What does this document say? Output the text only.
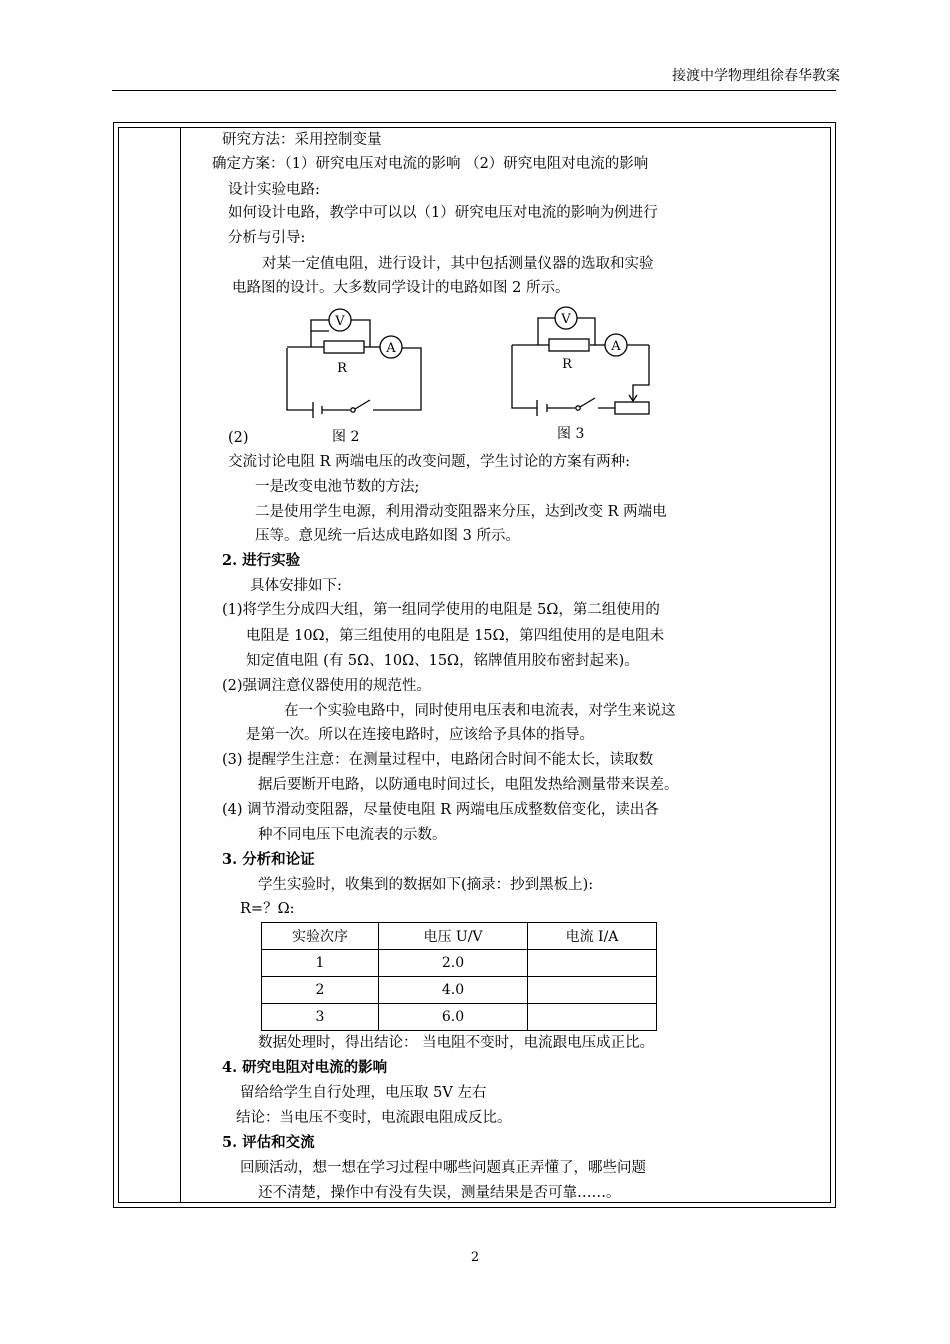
接渡中学物理组徐春华教案
研究方法：采用控制变量
确定方案：（1）研究电压对电流的影响 （2）研究电阻对电流的影响
设计实验电路:
如何设计电路，教学中可以以（1）研究电压对电流的影响为例进行
分析与引导:
对某一定值电阻，进行设计，其中包括测量仪器的选取和实验
电路图的设计。大多数同学设计的电路如图 2 所示。
V
A
R
图 2
V
A
R
图 3
(2)
交流讨论电阻 R 两端电压的改变问题，学生讨论的方案有两种:
一是改变电池节数的方法;
二是使用学生电源，利用滑动变阻器来分压，达到改变 R 两端电
压等。意见统一后达成电路如图 3 所示。
2. 进行实验
具体安排如下:
(1)将学生分成四大组，第一组同学使用的电阻是 5Ω，第二组使用的
电阻是 10Ω，第三组使用的电阻是 15Ω，第四组使用的是电阻未
知定值电阻 (有 5Ω、10Ω、15Ω，铭牌值用胶布密封起来)。
(2)强调注意仪器使用的规范性。
在一个实验电路中，同时使用电压表和电流表，对学生来说这
是第一次。所以在连接电路时，应该给予具体的指导。
(3) 提醒学生注意：在测量过程中，电路闭合时间不能太长，读取数
据后要断开电路，以防通电时间过长，电阻发热给测量带来误差。
(4) 调节滑动变阻器，尽量使电阻 R 两端电压成整数倍变化，读出各
种不同电压下电流表的示数。
3. 分析和论证
学生实验时，收集到的数据如下(摘录：抄到黑板上):
R=？Ω:
实验次序	电压 U/V	电流 I/A
1	2.0	
2	4.0	
3	6.0	
数据处理时，得出结论： 当电阻不变时，电流跟电压成正比。
4. 研究电阻对电流的影响
留给给学生自行处理，电压取 5V 左右
结论：当电压不变时，电流跟电阻成反比。
5. 评估和交流
回顾活动，想一想在学习过程中哪些问题真正弄懂了，哪些问题
还不清楚，操作中有没有失误，测量结果是否可靠……。
2
